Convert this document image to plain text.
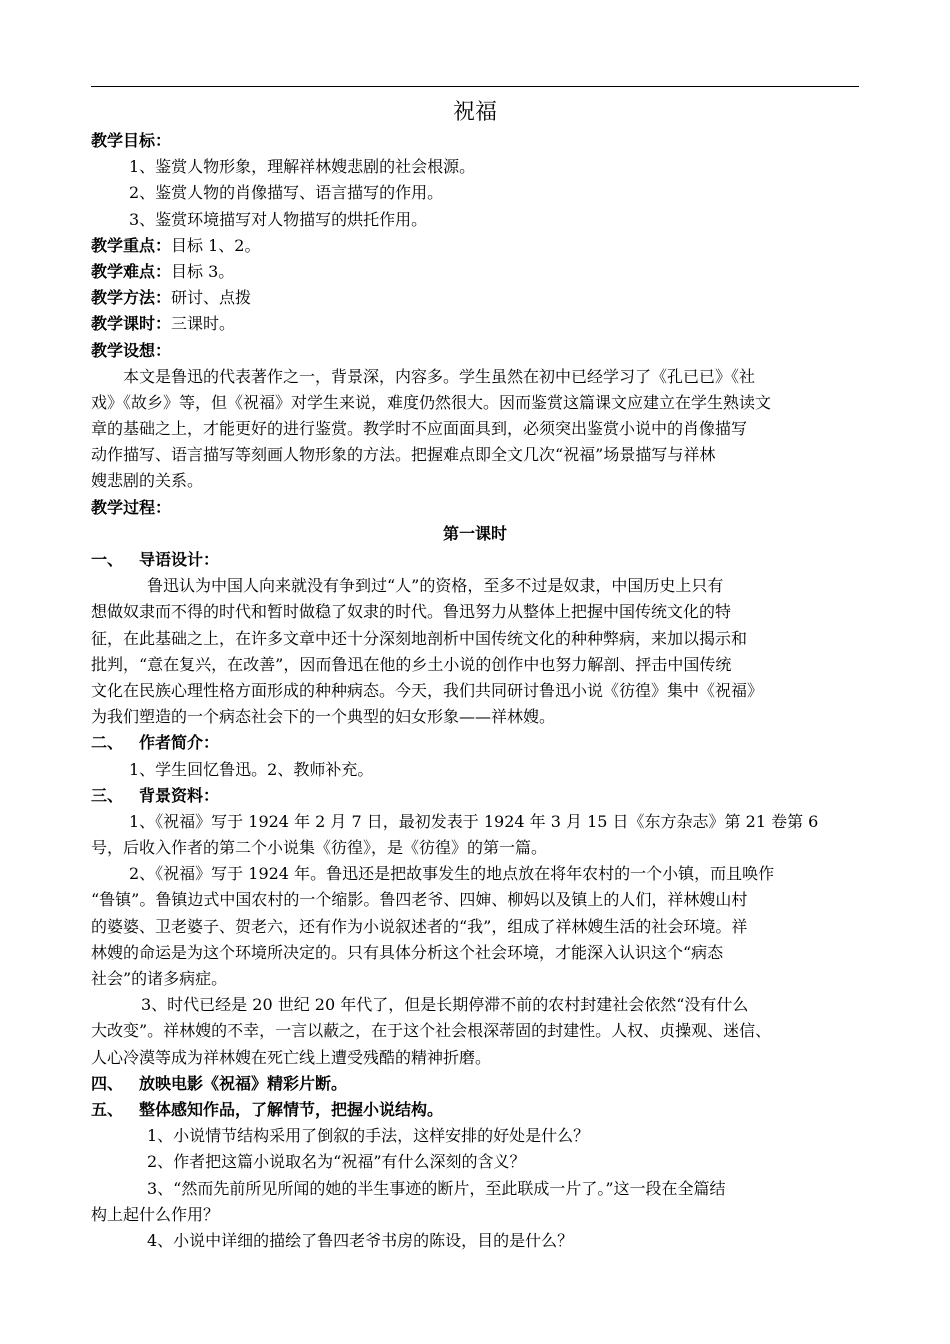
祝福
教学目标：
1、鉴赏人物形象，理解祥林嫂悲剧的社会根源。
2、鉴赏人物的肖像描写、语言描写的作用。
3、鉴赏环境描写对人物描写的烘托作用。
教学重点：目标 1、2。
教学难点：目标 3。
教学方法：研讨、点拨
教学课时：三课时。
教学设想：
本文是鲁迅的代表著作之一，背景深，内容多。学生虽然在初中已经学习了《孔已已》《社
戏》《故乡》等，但《祝福》对学生来说，难度仍然很大。因而鉴赏这篇课文应建立在学生熟读文
章的基础之上，才能更好的进行鉴赏。教学时不应面面具到，必须突出鉴赏小说中的肖像描写
动作描写、语言描写等刻画人物形象的方法。把握难点即全文几次“祝福”场景描写与祥林
嫂悲剧的关系。
教学过程：
第一课时
一、 导语设计：
鲁迅认为中国人向来就没有争到过“人”的资格，至多不过是奴隶，中国历史上只有
想做奴隶而不得的时代和暂时做稳了奴隶的时代。鲁迅努力从整体上把握中国传统文化的特
征，在此基础之上，在许多文章中还十分深刻地剖析中国传统文化的种种弊病，来加以揭示和
批判，“意在复兴，在改善”，因而鲁迅在他的乡土小说的创作中也努力解剖、抨击中国传统
文化在民族心理性格方面形成的种种病态。今天，我们共同研讨鲁迅小说《彷徨》集中《祝福》
为我们塑造的一个病态社会下的一个典型的妇女形象——祥林嫂。
二、 作者简介：
1、学生回忆鲁迅。2、教师补充。
三、 背景资料：
1、《祝福》写于 1924 年 2 月 7 日，最初发表于 1924 年 3 月 15 日《东方杂志》第 21 卷第 6
号，后收入作者的第二个小说集《彷徨》，是《彷徨》的第一篇。
2、《祝福》写于 1924 年。鲁迅还是把故事发生的地点放在将年农村的一个小镇，而且唤作
“鲁镇”。鲁镇边式中国农村的一个缩影。鲁四老爷、四婶、柳妈以及镇上的人们，祥林嫂山村
的婆婆、卫老婆子、贺老六，还有作为小说叙述者的“我”，组成了祥林嫂生活的社会环境。祥
林嫂的命运是为这个环境所决定的。只有具体分析这个社会环境，才能深入认识这个“病态
社会”的诸多病症。
3、时代已经是 20 世纪 20 年代了，但是长期停滞不前的农村封建社会依然“没有什么
大改变”。祥林嫂的不幸，一言以蔽之，在于这个社会根深蒂固的封建性。人权、贞操观、迷信、
人心冷漠等成为祥林嫂在死亡线上遭受残酷的精神折磨。
四、 放映电影《祝福》精彩片断。
五、 整体感知作品，了解情节，把握小说结构。
1、小说情节结构采用了倒叙的手法，这样安排的好处是什么？
2、作者把这篇小说取名为“祝福”有什么深刻的含义？
3、“然而先前所见所闻的她的半生事迹的断片，至此联成一片了。”这一段在全篇结
构上起什么作用？
4、小说中详细的描绘了鲁四老爷书房的陈设，目的是什么？
